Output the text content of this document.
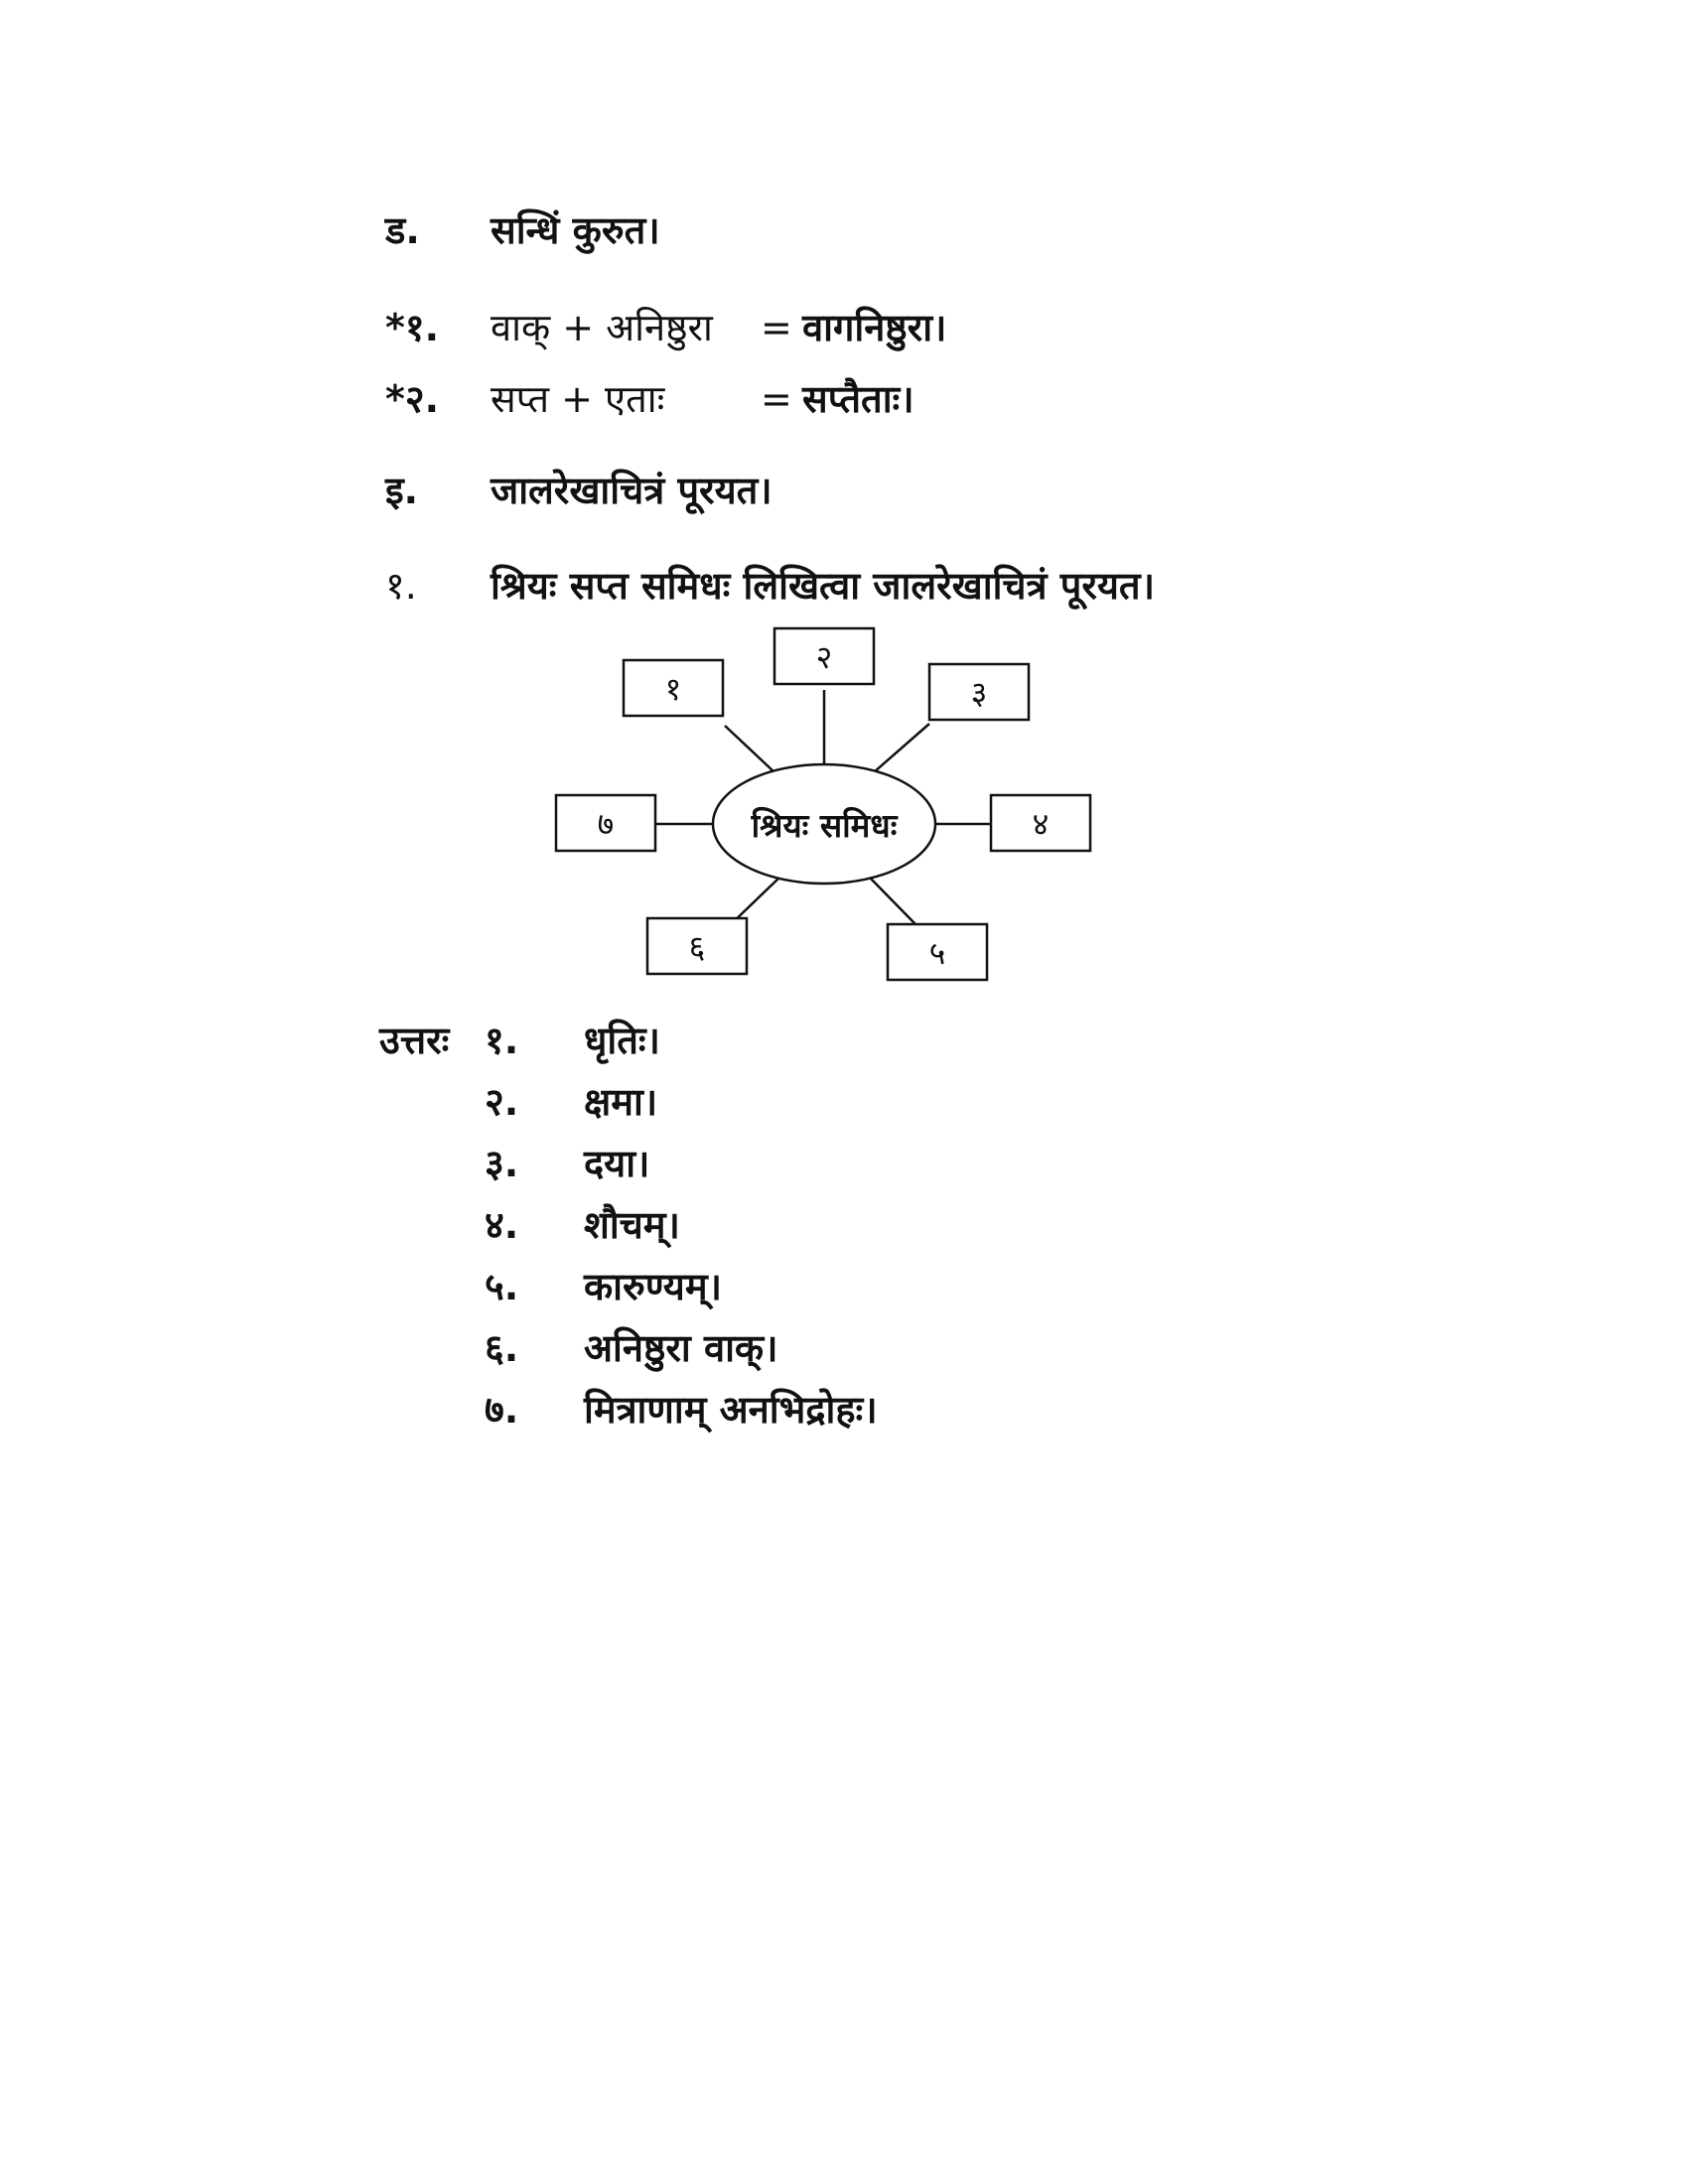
ड. सन्धिं कुरुत।
*१. वाक् + अनिष्ठुरा = वागनिष्ठुरा।
*२. सप्त + एताः	= सप्तैताः।
इ. जालरेखाचित्रं पूरयत।
१. श्रियः सप्त समिधः लिखित्वा जालरेखाचित्रं पूरयत।
श्रियः समिधः
१
२
३
४
५
६
७
उत्तरः १. धृतिः।
२. क्षमा।
३. दया।
४. शौचम्।
५. कारुण्यम्।
६. अनिष्ठुरा वाक्।
७. मित्राणाम् अनभिद्रोहः।
